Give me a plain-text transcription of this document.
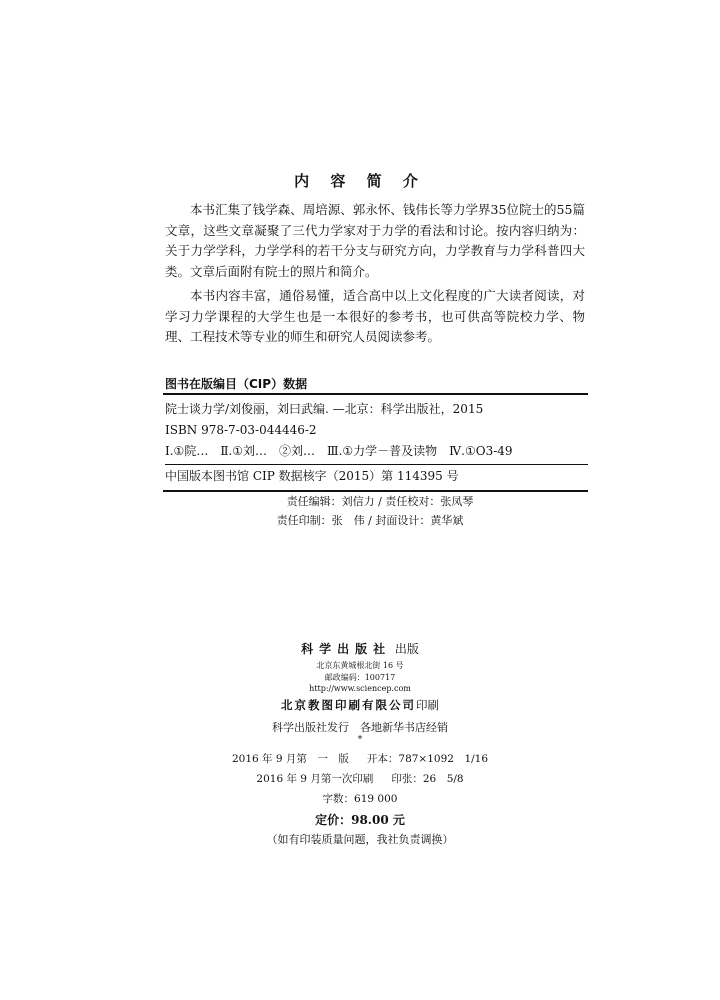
内 容 简 介

本书汇集了钱学森、周培源、郭永怀、钱伟长等力学界35位院士的55篇文章，这些文章凝聚了三代力学家对于力学的看法和讨论。按内容归纳为：关于力学学科，力学学科的若干分支与研究方向，力学教育与力学科普四大类。文章后面附有院士的照片和简介。

本书内容丰富，通俗易懂，适合高中以上文化程度的广大读者阅读，对学习力学课程的大学生也是一本很好的参考书，也可供高等院校力学、物理、工程技术等专业的师生和研究人员阅读参考。

图书在版编目（CIP）数据
院士谈力学/刘俊丽，刘曰武编. —北京：科学出版社，2015
ISBN 978-7-03-044446-2
Ⅰ.①院…　Ⅱ.①刘…　②刘…　Ⅲ.①力学－普及读物　Ⅳ.①O3-49
中国版本图书馆 CIP 数据核字（2015）第 114395 号
责任编辑：刘信力 / 责任校对：张凤琴
责任印制：张　伟 / 封面设计：黄华斌
科学出版社 出版
北京东黄城根北街 16 号
邮政编码：100717
http://www.sciencep.com
北京教图印刷有限公司印刷
科学出版社发行　各地新华书店经销
*
2016 年 9 月第　一　版 开本：787×1092　1/16
2016 年 9 月第一次印刷 印张：26　5/8
字数：619 000
定价：98.00 元
（如有印装质量问题，我社负责调换）
